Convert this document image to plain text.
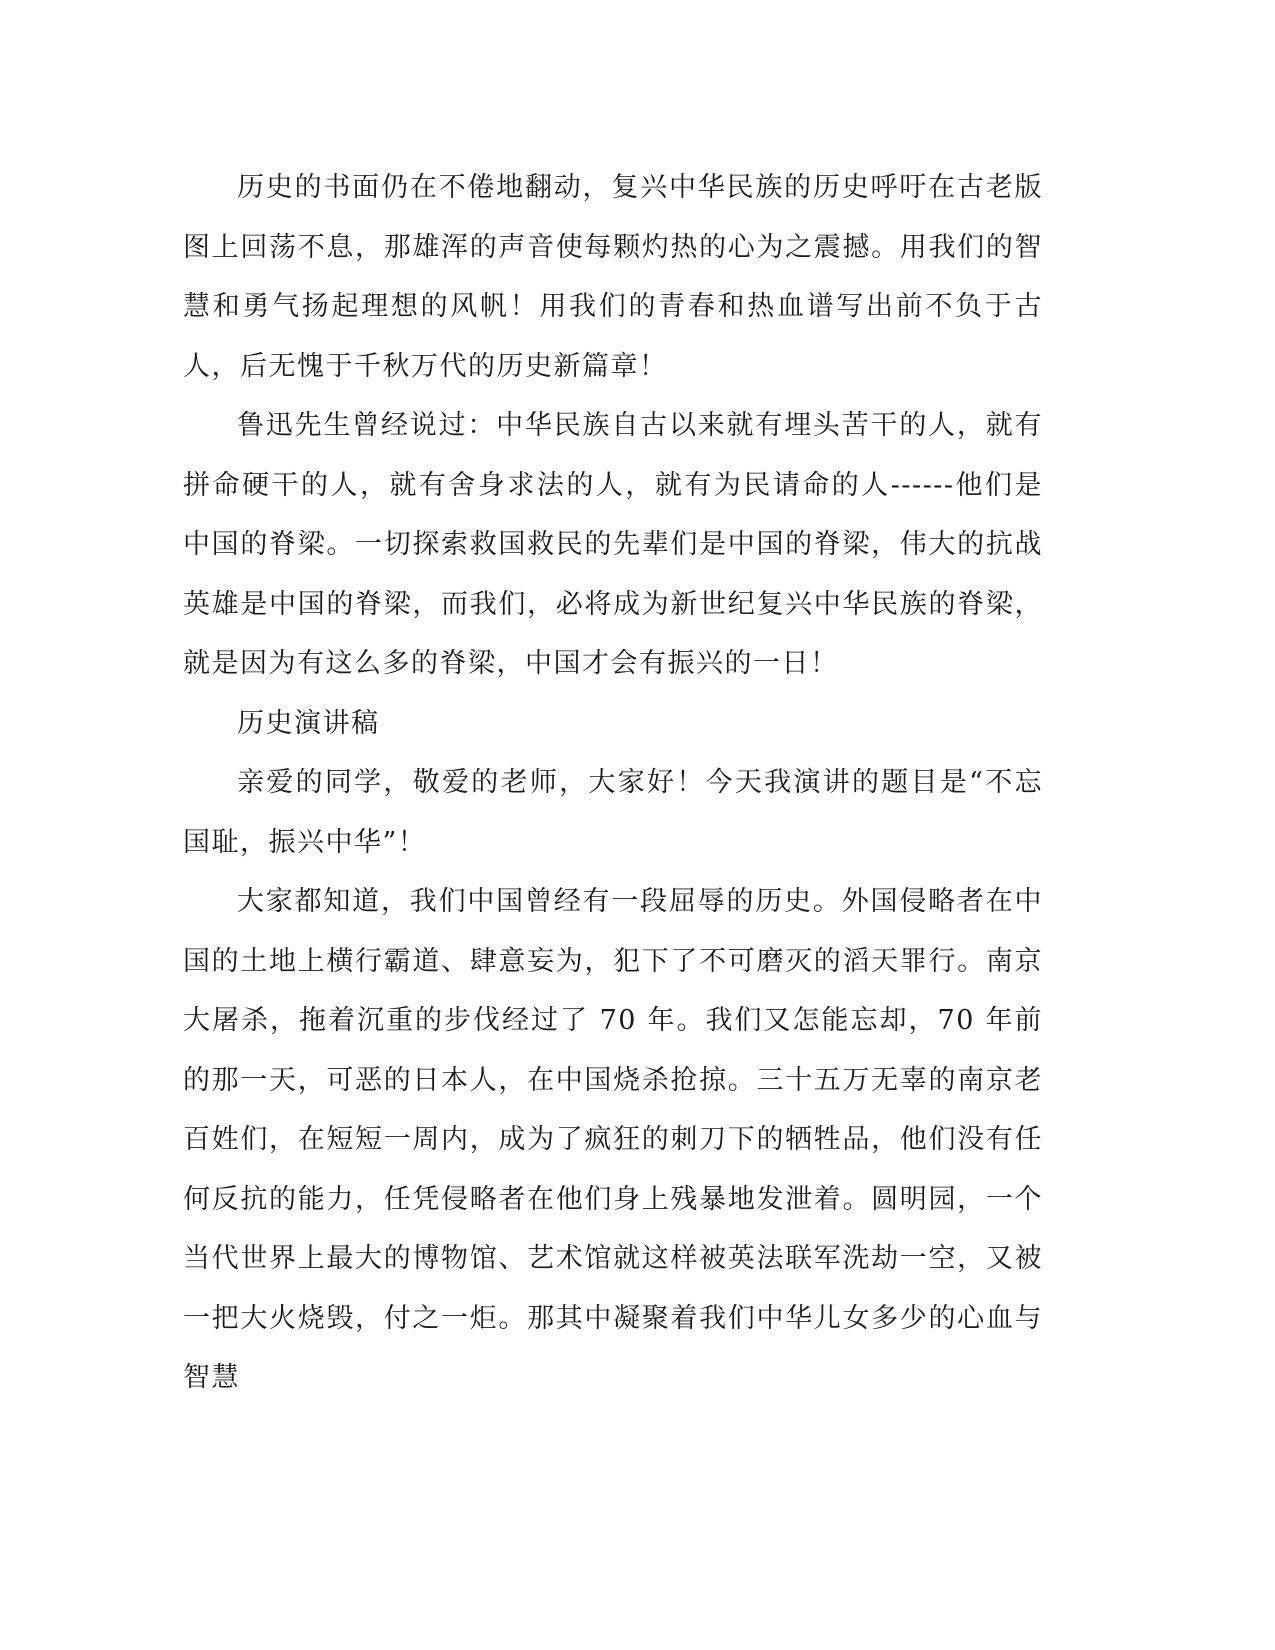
历史的书面仍在不倦地翻动，复兴中华民族的历史呼吁在古老版图上回荡不息，那雄浑的声音使每颗灼热的心为之震撼。用我们的智慧和勇气扬起理想的风帆！用我们的青春和热血谱写出前不负于古人，后无愧于千秋万代的历史新篇章！

鲁迅先生曾经说过：中华民族自古以来就有埋头苦干的人，就有拼命硬干的人，就有舍身求法的人，就有为民请命的人------他们是中国的脊梁。一切探索救国救民的先辈们是中国的脊梁，伟大的抗战英雄是中国的脊梁，而我们，必将成为新世纪复兴中华民族的脊梁，就是因为有这么多的脊梁，中国才会有振兴的一日！

历史演讲稿

亲爱的同学，敬爱的老师，大家好！今天我演讲的题目是“不忘国耻，振兴中华”！

大家都知道，我们中国曾经有一段屈辱的历史。外国侵略者在中国的土地上横行霸道、肆意妄为，犯下了不可磨灭的滔天罪行。南京大屠杀，拖着沉重的步伐经过了 70 年。我们又怎能忘却，70 年前的那一天，可恶的日本人，在中国烧杀抢掠。三十五万无辜的南京老百姓们，在短短一周内，成为了疯狂的刺刀下的牺牲品，他们没有任何反抗的能力，任凭侵略者在他们身上残暴地发泄着。圆明园，一个当代世界上最大的博物馆、艺术馆就这样被英法联军洗劫一空，又被一把大火烧毁，付之一炬。那其中凝聚着我们中华儿女多少的心血与智慧
